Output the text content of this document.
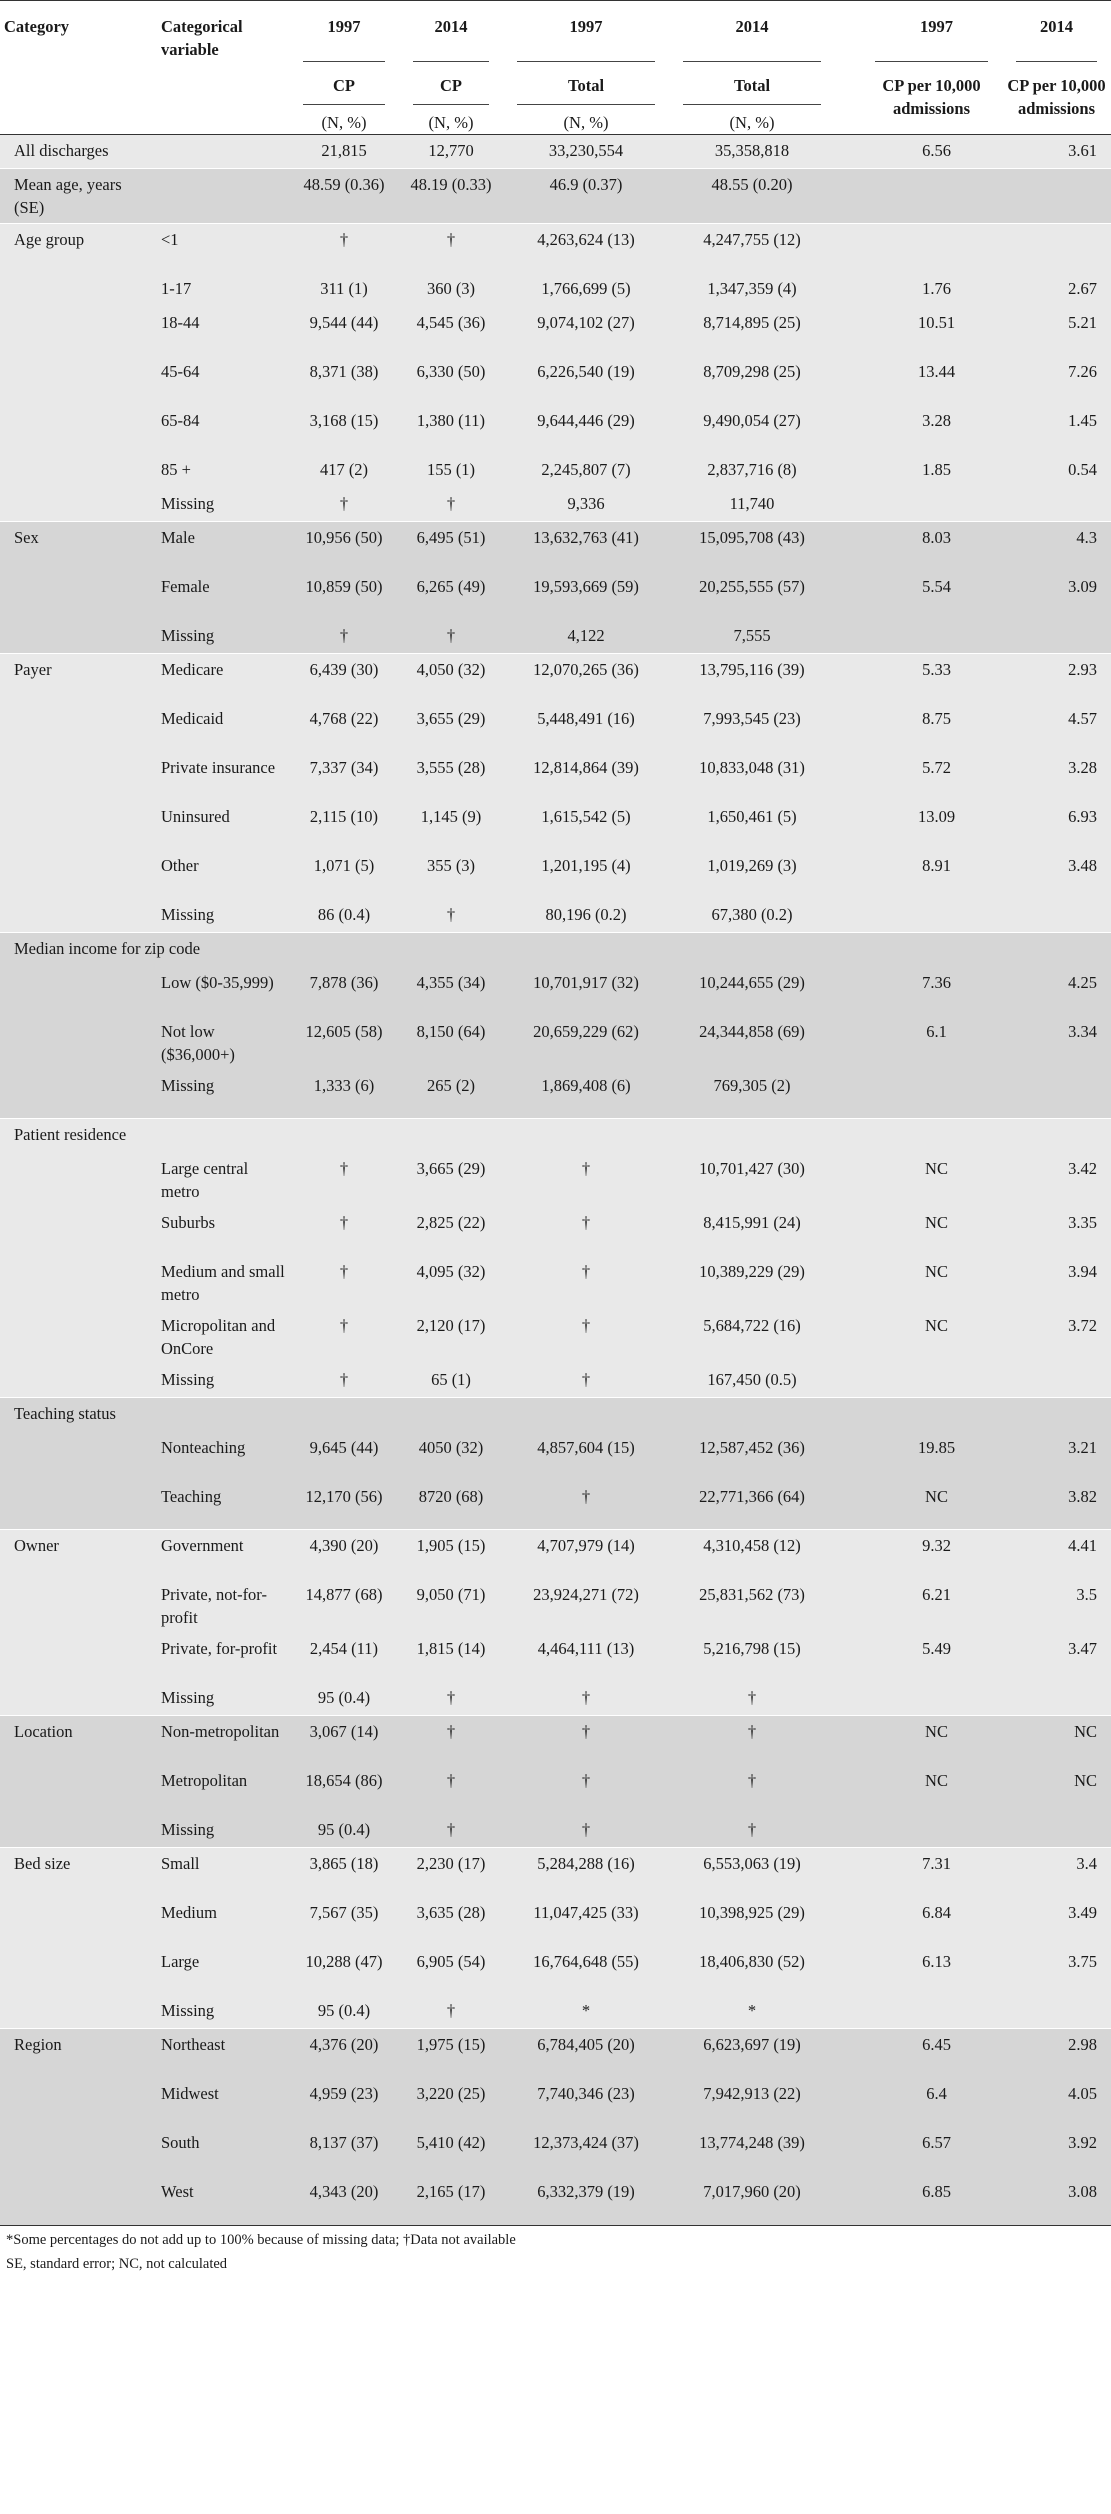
Category	Categorical variable	1997	2014	1997	2014	1997	2014

		CP	CP	Total	Total	CP per 10,000 admissions	CP per 10,000 admissions

		(N, %)	(N, %)	(N, %)	(N, %)		

All discharges		21,815	12,770	33,230,554	35,358,818	6.56	3.61
Mean age, years (SE)		48.59 (0.36)	48.19 (0.33)	46.9 (0.37)	48.55 (0.20)		
Age group	<1	†	†	4,263,624 (13)	4,247,755 (12)		
	1-17	311 (1)	360 (3)	1,766,699 (5)	1,347,359 (4)	1.76	2.67
	18-44	9,544 (44)	4,545 (36)	9,074,102 (27)	8,714,895 (25)	10.51	5.21
	45-64	8,371 (38)	6,330 (50)	6,226,540 (19)	8,709,298 (25)	13.44	7.26
	65-84	3,168 (15)	1,380 (11)	9,644,446 (29)	9,490,054 (27)	3.28	1.45
	85 +	417 (2)	155 (1)	2,245,807 (7)	2,837,716 (8)	1.85	0.54
	Missing	†	†	9,336	11,740		
Sex	Male	10,956 (50)	6,495 (51)	13,632,763 (41)	15,095,708 (43)	8.03	4.3
	Female	10,859 (50)	6,265 (49)	19,593,669 (59)	20,255,555 (57)	5.54	3.09
	Missing	†	†	4,122	7,555		
Payer	Medicare	6,439 (30)	4,050 (32)	12,070,265 (36)	13,795,116 (39)	5.33	2.93
	Medicaid	4,768 (22)	3,655 (29)	5,448,491 (16)	7,993,545 (23)	8.75	4.57
	Private insurance	7,337 (34)	3,555 (28)	12,814,864 (39)	10,833,048 (31)	5.72	3.28
	Uninsured	2,115 (10)	1,145 (9)	1,615,542 (5)	1,650,461 (5)	13.09	6.93
	Other	1,071 (5)	355 (3)	1,201,195 (4)	1,019,269 (3)	8.91	3.48
	Missing	86 (0.4)	†	80,196 (0.2)	67,380 (0.2)		
Median income for zip code							
	Low ($0-35,999)	7,878 (36)	4,355 (34)	10,701,917 (32)	10,244,655 (29)	7.36	4.25
	Not low ($36,000+)	12,605 (58)	8,150 (64)	20,659,229 (62)	24,344,858 (69)	6.1	3.34
	Missing	1,333 (6)	265 (2)	1,869,408 (6)	769,305 (2)		
Patient residence							
	Large central metro	†	3,665 (29)	†	10,701,427 (30)	NC	3.42
	Suburbs	†	2,825 (22)	†	8,415,991 (24)	NC	3.35
	Medium and small metro	†	4,095 (32)	†	10,389,229 (29)	NC	3.94
	Micropolitan and OnCore	†	2,120 (17)	†	5,684,722 (16)	NC	3.72
	Missing	†	65 (1)	†	167,450 (0.5)		
Teaching status							
	Nonteaching	9,645 (44)	4050 (32)	4,857,604 (15)	12,587,452 (36)	19.85	3.21
	Teaching	12,170 (56)	8720 (68)	†	22,771,366 (64)	NC	3.82
Owner	Government	4,390 (20)	1,905 (15)	4,707,979 (14)	4,310,458 (12)	9.32	4.41
	Private, not-for-profit	14,877 (68)	9,050 (71)	23,924,271 (72)	25,831,562 (73)	6.21	3.5
	Private, for-profit	2,454 (11)	1,815 (14)	4,464,111 (13)	5,216,798 (15)	5.49	3.47
	Missing	95 (0.4)	†	†	†		
Location	Non-metropolitan	3,067 (14)	†	†	†	NC	NC
	Metropolitan	18,654 (86)	†	†	†	NC	NC
	Missing	95 (0.4)	†	†	†		
Bed size	Small	3,865 (18)	2,230 (17)	5,284,288 (16)	6,553,063 (19)	7.31	3.4
	Medium	7,567 (35)	3,635 (28)	11,047,425 (33)	10,398,925 (29)	6.84	3.49
	Large	10,288 (47)	6,905 (54)	16,764,648 (55)	18,406,830 (52)	6.13	3.75
	Missing	95 (0.4)	†	*	*		
Region	Northeast	4,376 (20)	1,975 (15)	6,784,405 (20)	6,623,697 (19)	6.45	2.98
	Midwest	4,959 (23)	3,220 (25)	7,740,346 (23)	7,942,913 (22)	6.4	4.05
	South	8,137 (37)	5,410 (42)	12,373,424 (37)	13,774,248 (39)	6.57	3.92
	West	4,343 (20)	2,165 (17)	6,332,379 (19)	7,017,960 (20)	6.85	3.08
*Some percentages do not add up to 100% because of missing data; †Data not available
SE, standard error; NC, not calculated
